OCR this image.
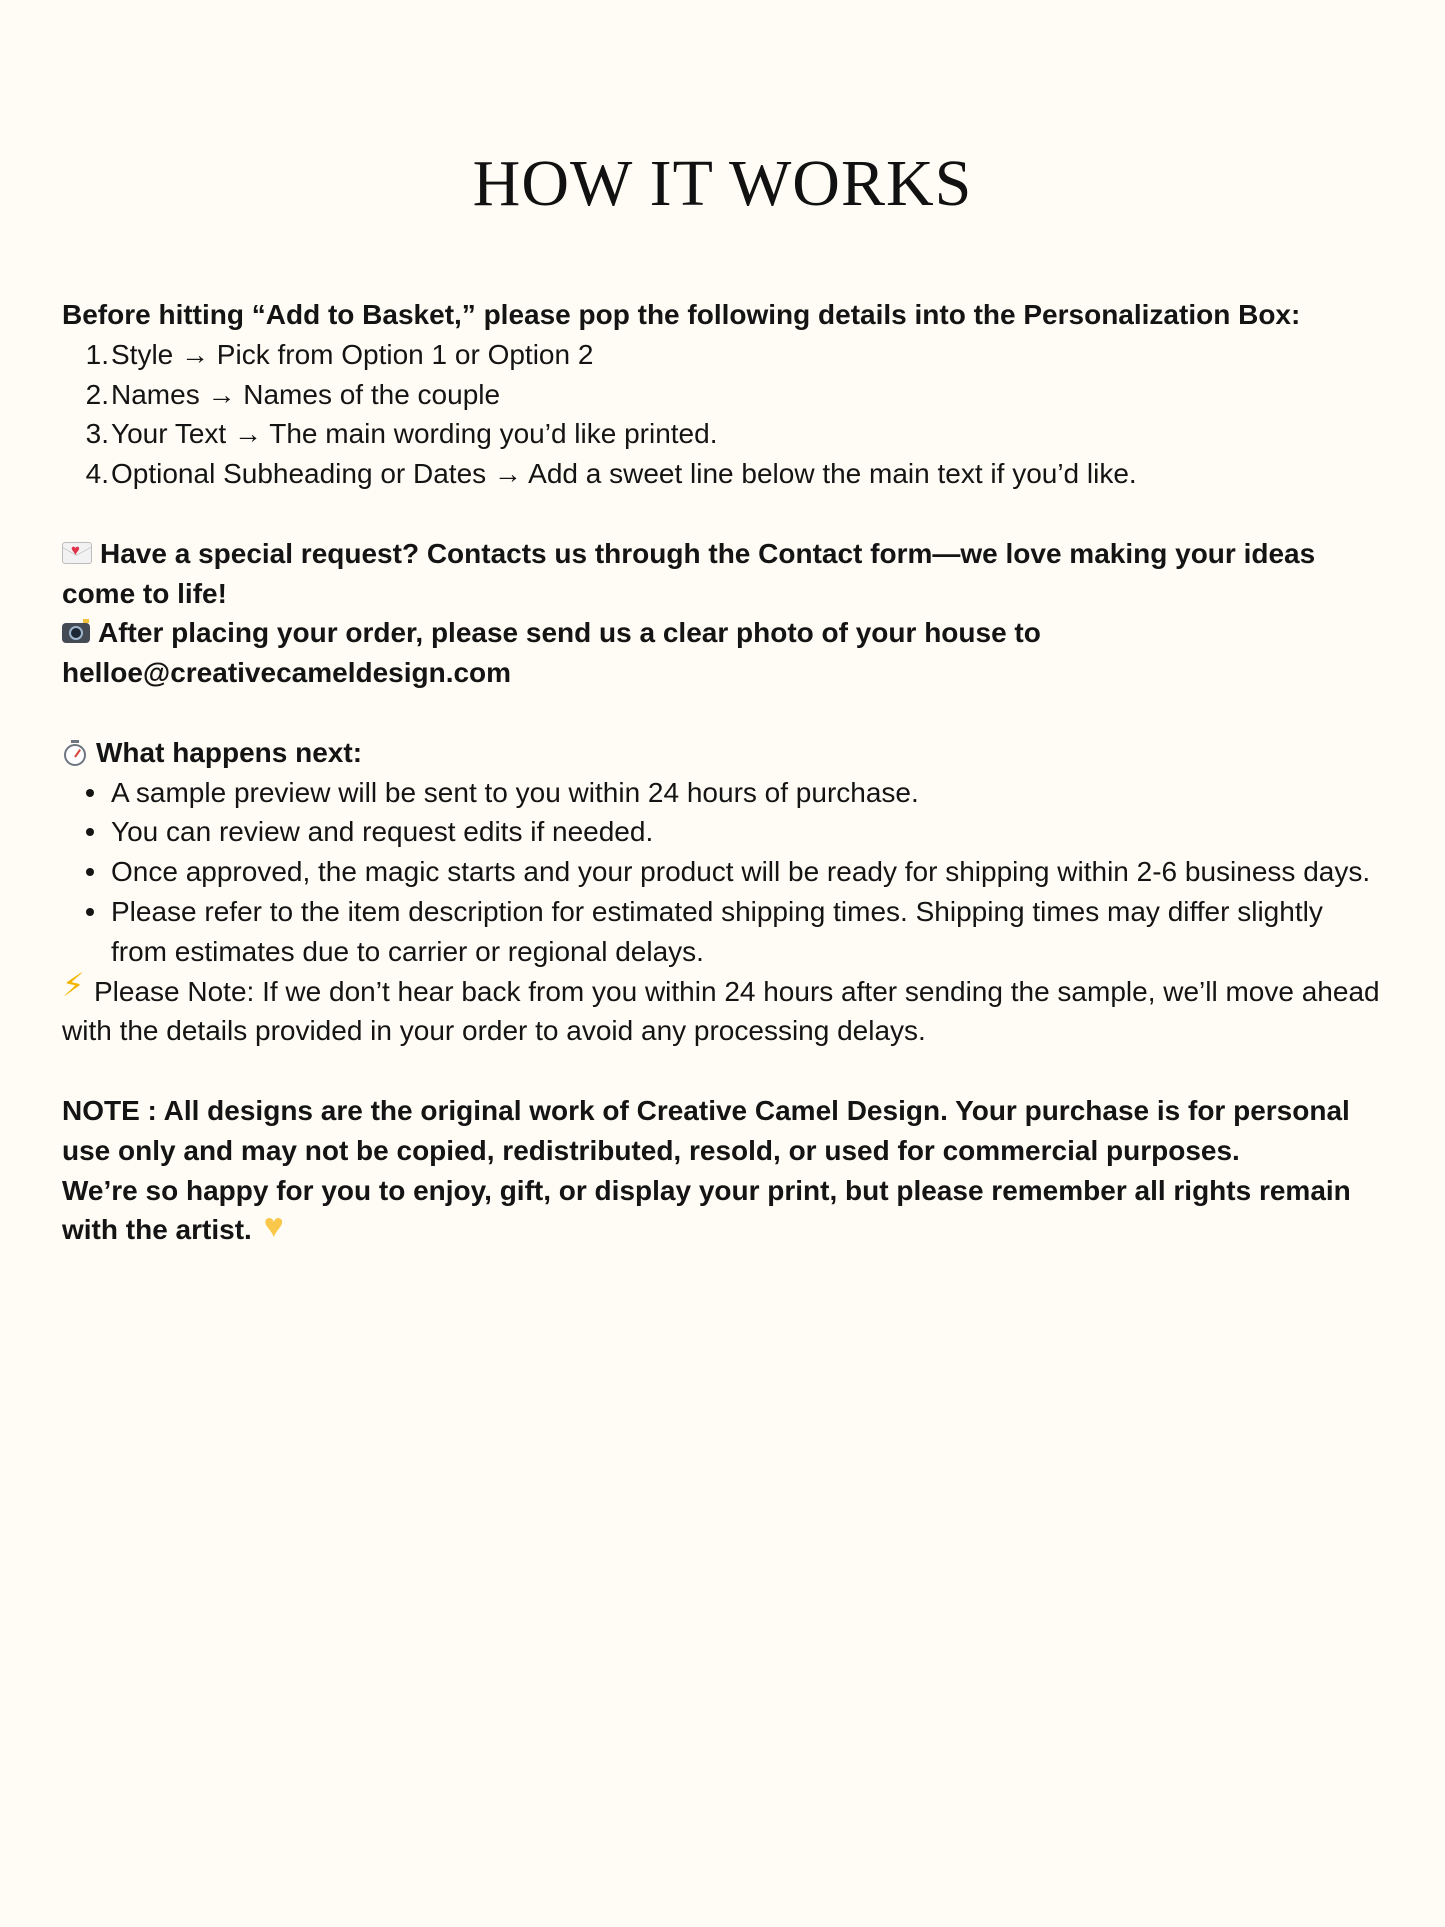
HOW IT WORKS

Before hitting “Add to Basket,” please pop the following details into the Personalization Box:

1. Style → Pick from Option 1 or Option 2
2. Names → Names of the couple
3. Your Text → The main wording you’d like printed.
4. Optional Subheading or Dates → Add a sweet line below the main text if you’d like.

♥Have a special request? Contacts us through the Contact form—we love making your ideas come to life!

After placing your order, please send us a clear photo of your house to
helloe@creativecameldesign.com

What happens next:

A sample preview will be sent to you within 24 hours of purchase.
You can review and request edits if needed.
Once approved, the magic starts and your product will be ready for shipping within 2-6 business days.
Please refer to the item description for estimated shipping times. Shipping times may differ slightly from estimates due to carrier or regional delays.

⚡ Please Note: If we don’t hear back from you within 24 hours after sending the sample, we’ll move ahead with the details provided in your order to avoid any processing delays.

NOTE : All designs are the original work of Creative Camel Design. Your purchase is for personal use only and may not be copied, redistributed, resold, or used for commercial purposes.

We’re so happy for you to enjoy, gift, or display your print, but please remember all rights remain with the artist. ♥
